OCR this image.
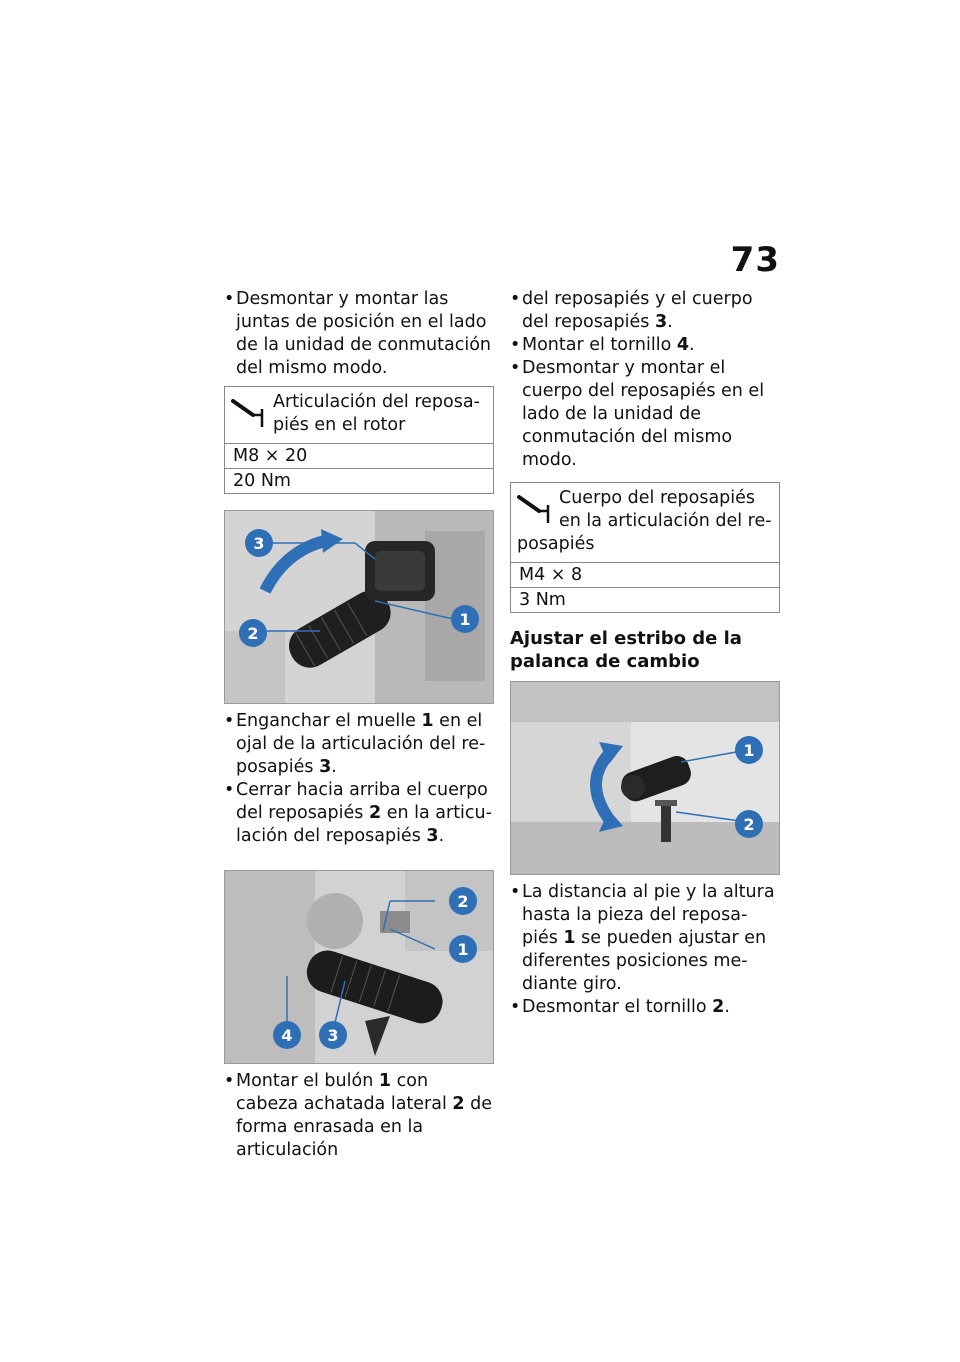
73

• Desmontar y montar las juntas de posición en el lado de la unidad de conmutación del mismo modo.

Articulación del reposa-piés en el rotor
M8 × 20
20 Nm
3
2
1

• Enganchar el muelle 1 en el ojal de la articulación del re-posapiés 3.

• Cerrar hacia arriba el cuerpo del reposapiés 2 en la articu-lación del reposapiés 3.

2
1
4 3

• Montar el bulón 1 con cabeza achatada lateral 2 de forma enrasada en la articulación

• del reposapiés y el cuerpo del reposapiés 3.

• Montar el tornillo 4.

• Desmontar y montar el cuerpo del reposapiés en el lado de la unidad de conmutación del mismo modo.

Cuerpo del reposapiés en la articulación del re-posapiés
M4 × 8
3 Nm
Ajustar el estribo de la palanca de cambio
1
2

• La distancia al pie y la altura hasta la pieza del reposa-piés 1 se pueden ajustar en diferentes posiciones me-diante giro.

• Desmontar el tornillo 2.
